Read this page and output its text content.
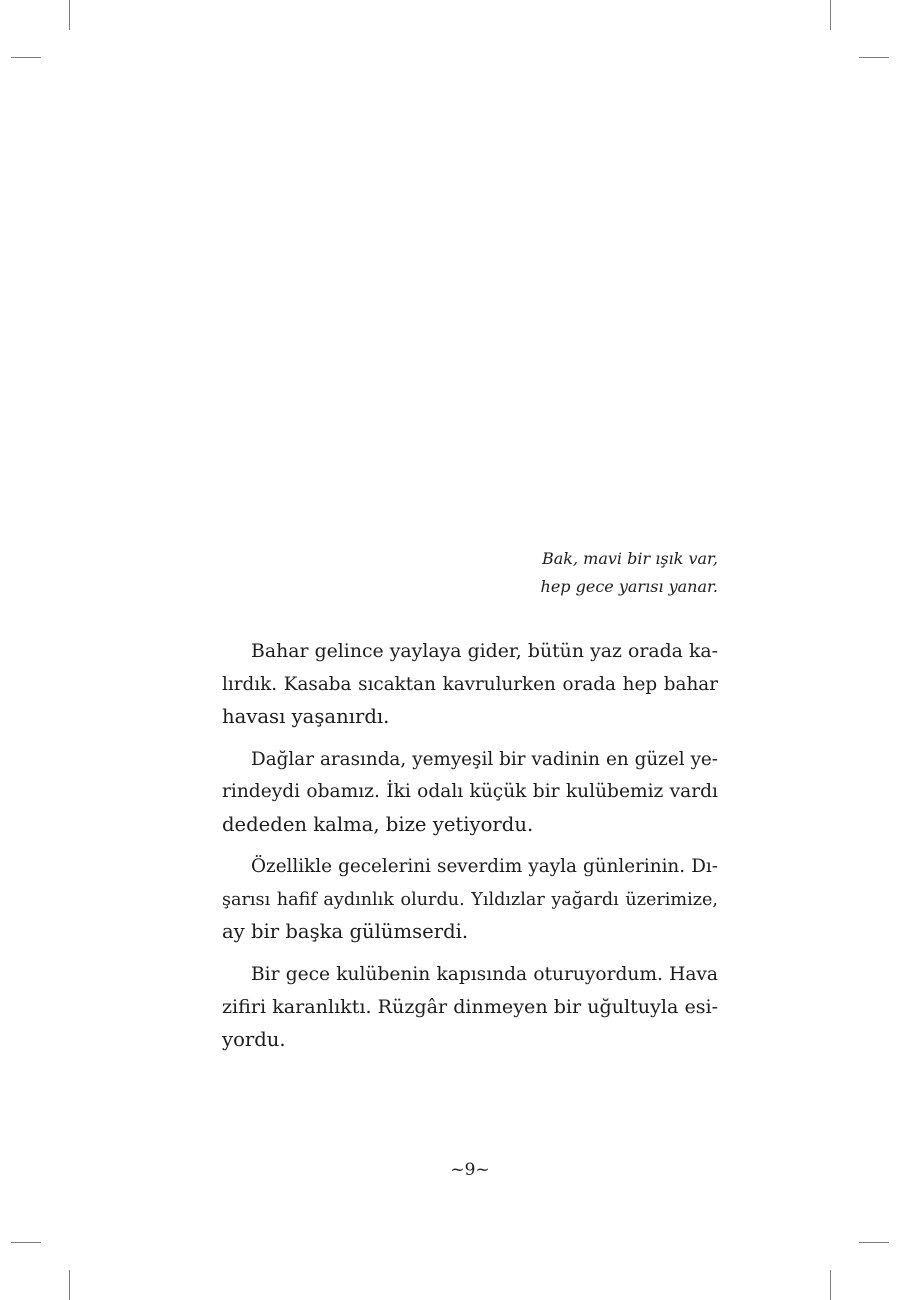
Bak, mavi bir ışık var,
hep gece yarısı yanar.
Bahar gelince yaylaya gider, bütün yaz orada ka-
lırdık. Kasaba sıcaktan kavrulurken orada hep bahar
havası yaşanırdı.
Dağlar arasında, yemyeşil bir vadinin en güzel ye-
rindeydi obamız. İki odalı küçük bir kulübemiz vardı
dededen kalma, bize yetiyordu.
Özellikle gecelerini severdim yayla günlerinin. Dı-
şarısı hafif aydınlık olurdu. Yıldızlar yağardı üzerimize,
ay bir başka gülümserdi.
Bir gece kulübenin kapısında oturuyordum. Hava
zifiri karanlıktı. Rüzgâr dinmeyen bir uğultuyla esi-
yordu.
~9~
